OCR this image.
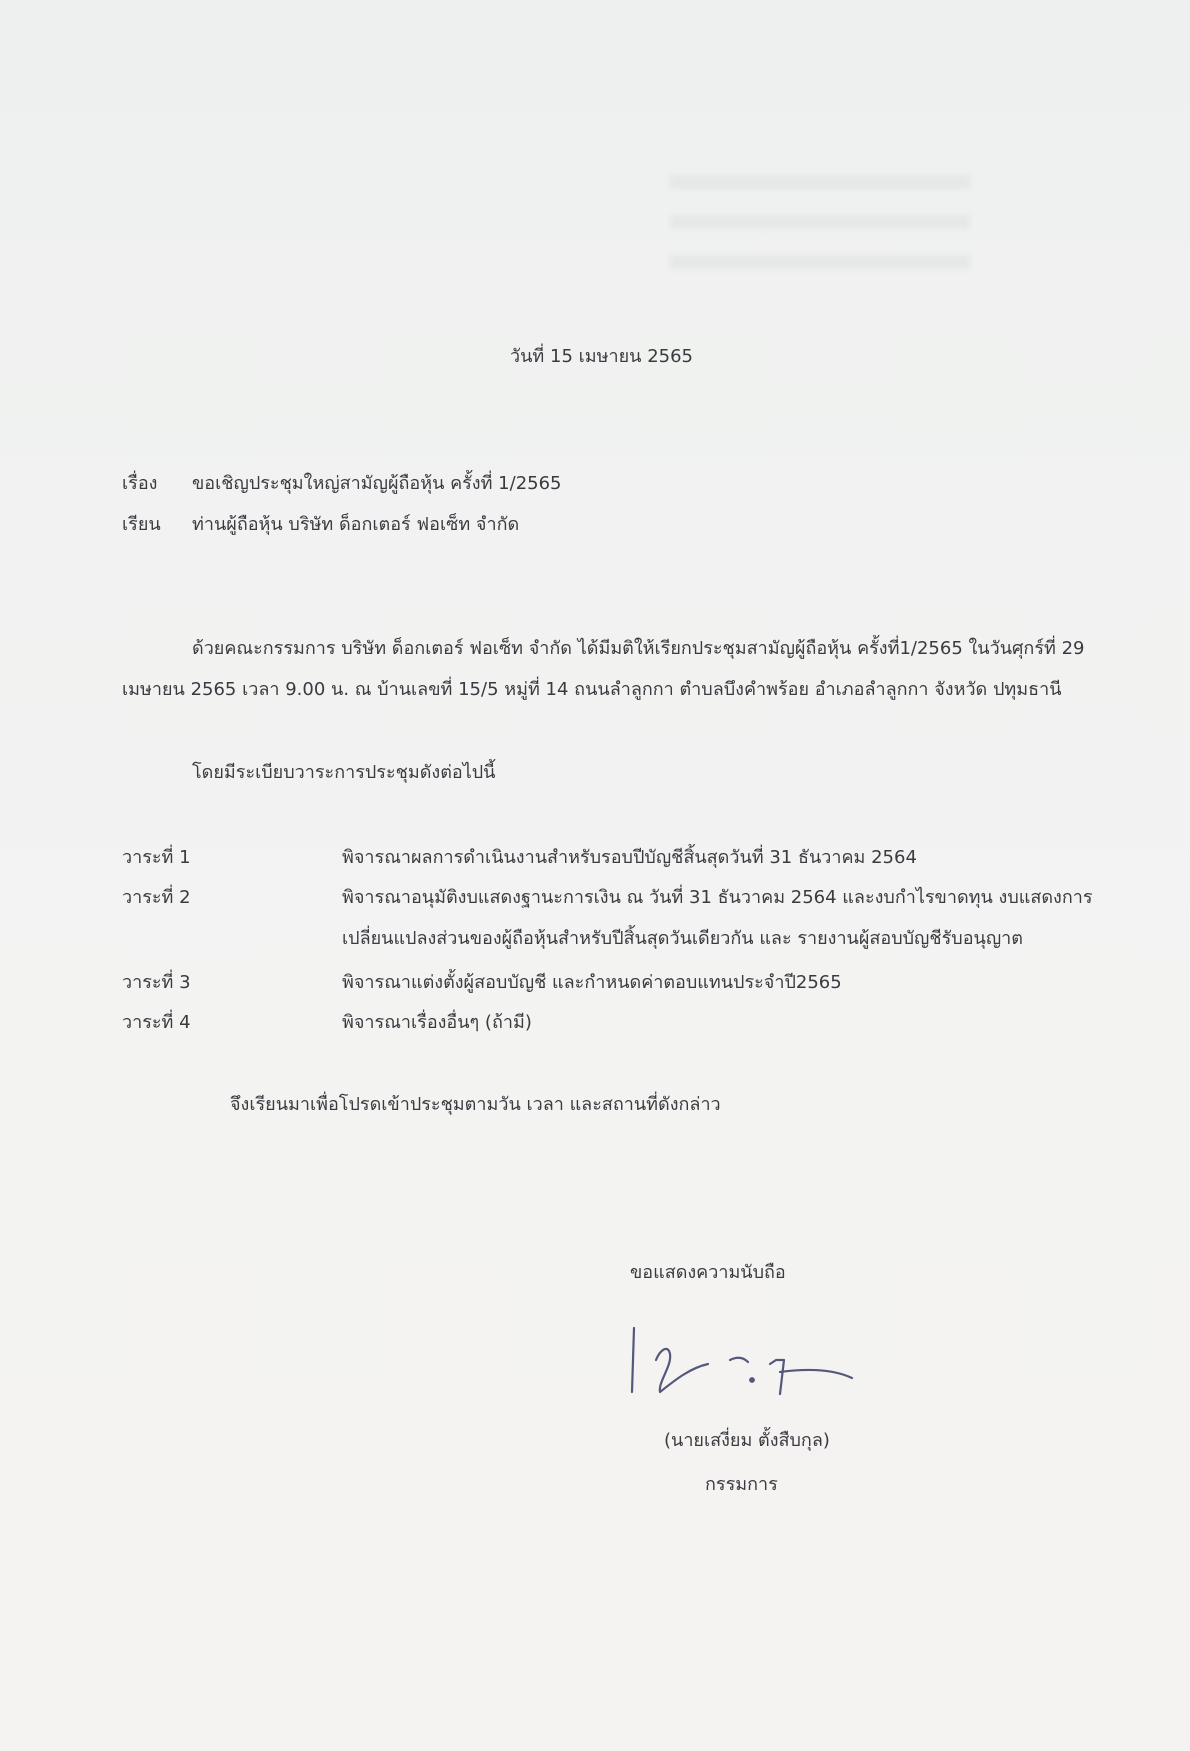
วันที่ 15 เมษายน 2565
เรื่อง ขอเชิญประชุมใหญ่สามัญผู้ถือหุ้น ครั้งที่ 1/2565
เรียน ท่านผู้ถือหุ้น บริษัท ด็อกเตอร์ ฟอเซ็ท จำกัด
ด้วยคณะกรรมการ บริษัท ด็อกเตอร์ ฟอเซ็ท จำกัด ได้มีมติให้เรียกประชุมสามัญผู้ถือหุ้น ครั้งที่1/2565 ในวันศุกร์ที่ 29
เมษายน 2565 เวลา 9.00 น. ณ บ้านเลขที่ 15/5 หมู่ที่ 14 ถนนลำลูกกา ตำบลบึงคำพร้อย อำเภอลำลูกกา จังหวัด ปทุมธานี
โดยมีระเบียบวาระการประชุมดังต่อไปนี้
วาระที่ 1	พิจารณาผลการดำเนินงานสำหรับรอบปีบัญชีสิ้นสุดวันที่ 31 ธันวาคม 2564
วาระที่ 2	พิจารณาอนุมัติงบแสดงฐานะการเงิน ณ วันที่ 31 ธันวาคม 2564 และงบกำไรขาดทุน งบแสดงการ
เปลี่ยนแปลงส่วนของผู้ถือหุ้นสำหรับปีสิ้นสุดวันเดียวกัน และ รายงานผู้สอบบัญชีรับอนุญาต
วาระที่ 3	พิจารณาแต่งตั้งผู้สอบบัญชี และกำหนดค่าตอบแทนประจำปี2565
วาระที่ 4	พิจารณาเรื่องอื่นๆ (ถ้ามี)
จึงเรียนมาเพื่อโปรดเข้าประชุมตามวัน เวลา และสถานที่ดังกล่าว
ขอแสดงความนับถือ
(นายเสงี่ยม ตั้งสืบกุล)
กรรมการ
